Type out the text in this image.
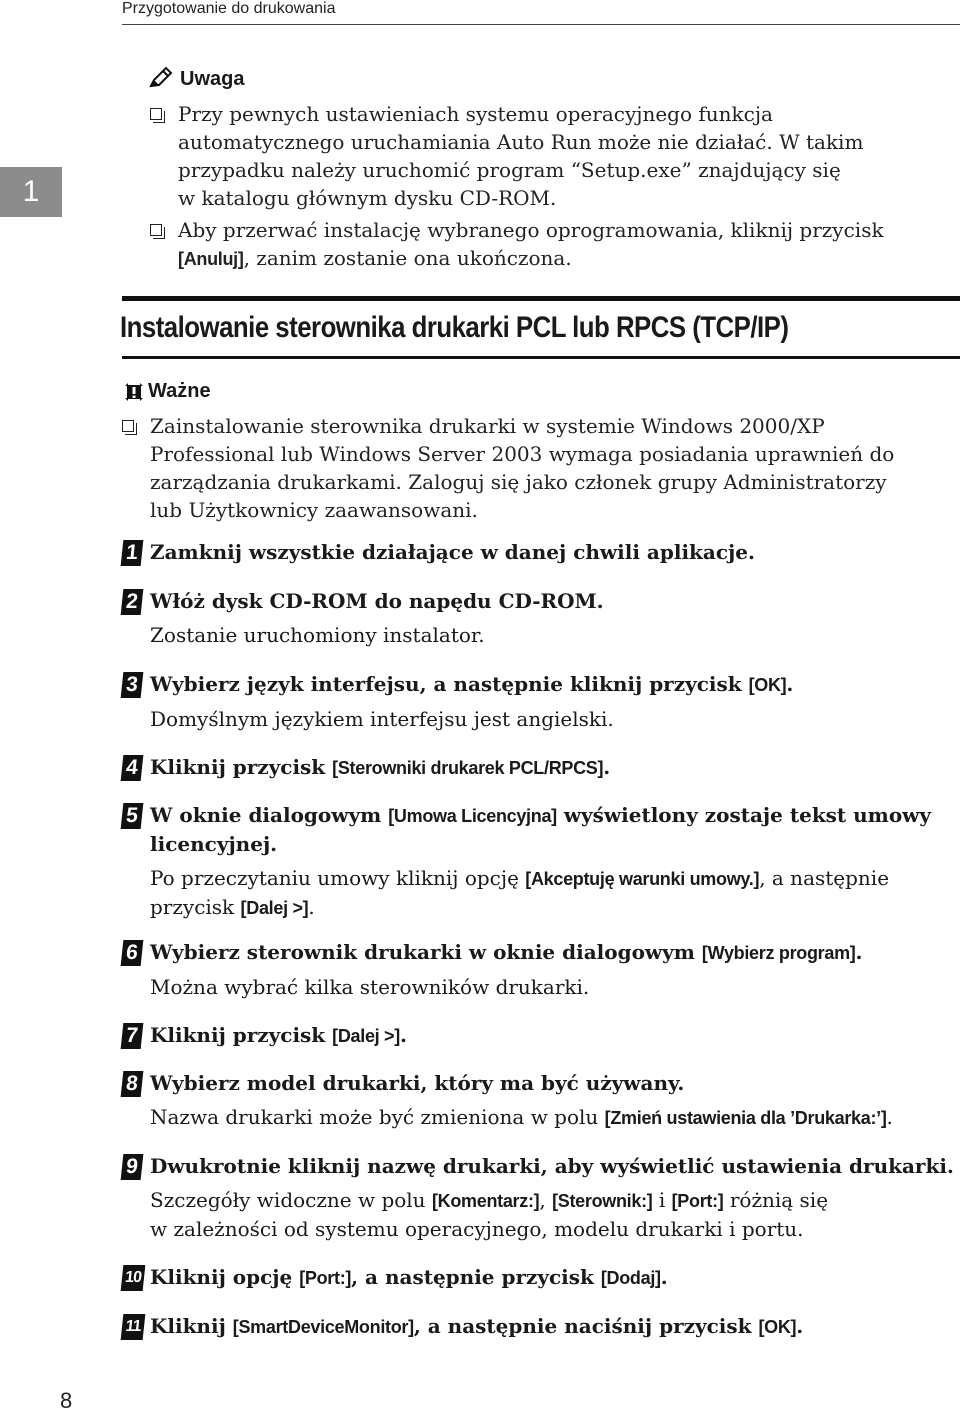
Przygotowanie do drukowania
1
Uwaga
Przy pewnych ustawieniach systemu operacyjnego funkcja
automatycznego uruchamiania Auto Run może nie działać. W takim
przypadku należy uruchomić program “Setup.exe” znajdujący się
w katalogu głównym dysku CD-ROM.
Aby przerwać instalację wybranego oprogramowania, kliknij przycisk
[Anuluj], zanim zostanie ona ukończona.
Instalowanie sterownika drukarki PCL lub RPCS (TCP/IP)
Ważne
Zainstalowanie sterownika drukarki w systemie Windows 2000/XP
Professional lub Windows Server 2003 wymaga posiadania uprawnień do
zarządzania drukarkami. Zaloguj się jako członek grupy Administratorzy
lub Użytkownicy zaawansowani.
1 Zamknij wszystkie działające w danej chwili aplikacje.
2 Włóż dysk CD-ROM do napędu CD-ROM.
Zostanie uruchomiony instalator.
3 Wybierz język interfejsu, a następnie kliknij przycisk [OK].
Domyślnym językiem interfejsu jest angielski.
4 Kliknij przycisk [Sterowniki drukarek PCL/RPCS].
5 W oknie dialogowym [Umowa Licencyjna] wyświetlony zostaje tekst umowy
licencyjnej.
Po przeczytaniu umowy kliknij opcję [Akceptuję warunki umowy.], a następnie
przycisk [Dalej >].
6 Wybierz sterownik drukarki w oknie dialogowym [Wybierz program].
Można wybrać kilka sterowników drukarki.
7 Kliknij przycisk [Dalej >].
8 Wybierz model drukarki, który ma być używany.
Nazwa drukarki może być zmieniona w polu [Zmień ustawienia dla ’Drukarka:’].
9 Dwukrotnie kliknij nazwę drukarki, aby wyświetlić ustawienia drukarki.
Szczegóły widoczne w polu [Komentarz:], [Sterownik:] i [Port:] różnią się
w zależności od systemu operacyjnego, modelu drukarki i portu.
10 Kliknij opcję [Port:], a następnie przycisk [Dodaj].
11 Kliknij [SmartDeviceMonitor], a następnie naciśnij przycisk [OK].
8
